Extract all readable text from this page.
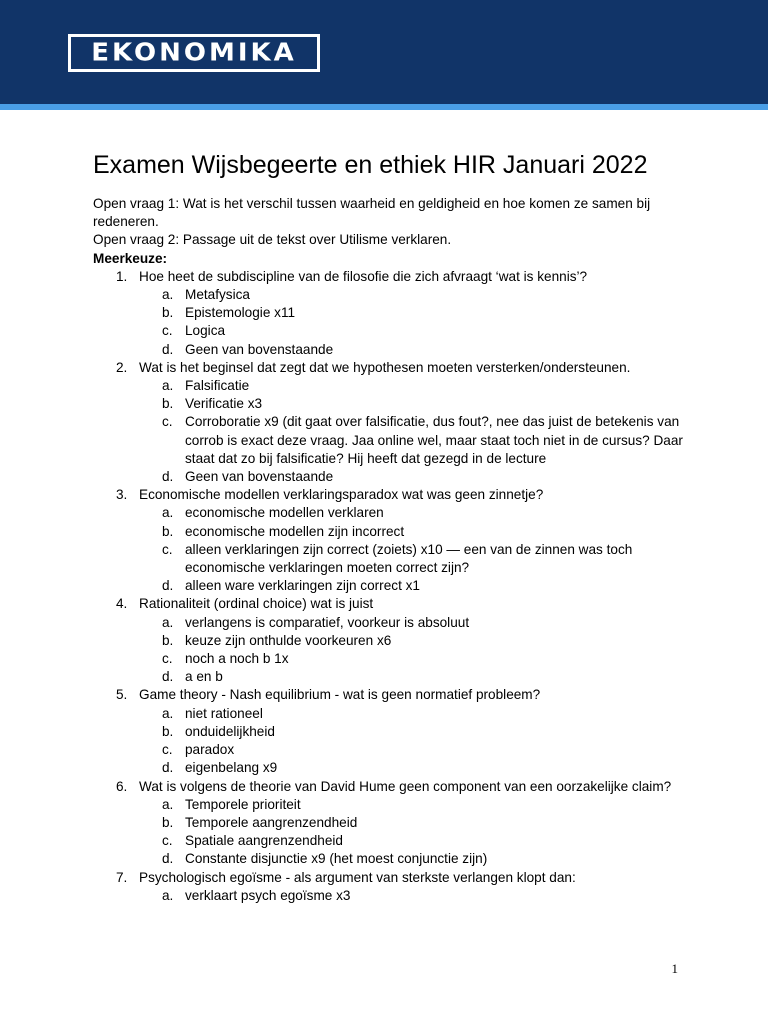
EKONOMIKA
Examen Wijsbegeerte en ethiek HIR Januari 2022

Open vraag 1: Wat is het verschil tussen waarheid en geldigheid en hoe komen ze samen bij redeneren.

Open vraag 2: Passage uit de tekst over Utilisme verklaren.

Meerkeuze:

1. Hoe heet de subdiscipline van de filosofie die zich afvraagt ‘wat is kennis’?
a. Metafysica
b. Epistemologie x11
c. Logica
d. Geen van bovenstaande
2. Wat is het beginsel dat zegt dat we hypothesen moeten versterken/ondersteunen.
a. Falsificatie
b. Verificatie x3
c. Corroboratie x9 (dit gaat over falsificatie, dus fout?, nee das juist de betekenis van corrob is exact deze vraag. Jaa online wel, maar staat toch niet in de cursus? Daar staat dat zo bij falsificatie? Hij heeft dat gezegd in de lecture
d. Geen van bovenstaande
3. Economische modellen verklaringsparadox wat was geen zinnetje?
a. economische modellen verklaren
b. economische modellen zijn incorrect
c. alleen verklaringen zijn correct (zoiets) x10 — een van de zinnen was toch economische verklaringen moeten correct zijn?
d. alleen ware verklaringen zijn correct x1
4. Rationaliteit (ordinal choice) wat is juist
a. verlangens is comparatief, voorkeur is absoluut
b. keuze zijn onthulde voorkeuren x6
c. noch a noch b 1x
d. a en b
5. Game theory - Nash equilibrium - wat is geen normatief probleem?
a. niet rationeel
b. onduidelijkheid
c. paradox
d. eigenbelang x9
6. Wat is volgens de theorie van David Hume geen component van een oorzakelijke claim?
a. Temporele prioriteit
b. Temporele aangrenzendheid
c. Spatiale aangrenzendheid
d. Constante disjunctie x9 (het moest conjunctie zijn)
7. Psychologisch egoïsme - als argument van sterkste verlangen klopt dan:
a. verklaart psych egoïsme x3
1
